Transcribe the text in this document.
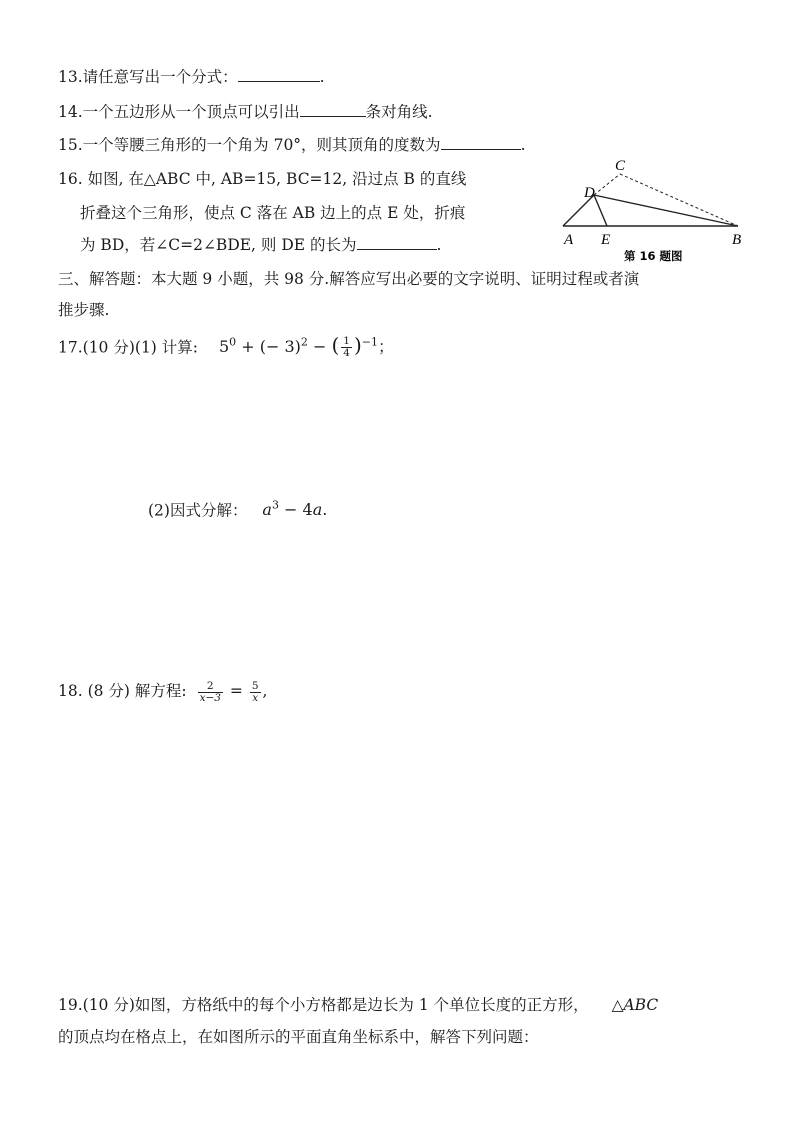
13.请任意写出一个分式：	.
14.一个五边形从一个顶点可以引出	条对角线.
15.一个等腰三角形的一个角为 70°，则其顶角的度数为	.
16. 如图, 在△ABC 中, AB=15, BC=12, 沿过点 B 的直线
折叠这个三角形，使点 C 落在 AB 边上的点 E 处，折痕
为 BD，若∠C=2∠BDE, 则 DE 的长为	.
C
D
A E	B
第 16 题图
三、解答题：本大题 9 小题，共 98 分.解答应写出必要的文字说明、证明过程或者演
推步骤.
17.(10 分)(1) 计算: $5^0$ + (− 3)$^2$ − ( $\frac{1}{4} )^{-1}$；
(2)因式分解： $a^3 - 4a$.
18. (8 分) 解方程: $\frac{2}{x-3} = \frac{5}{x}$ ,
19.(10 分)如图，方格纸中的每个小方格都是边长为 1 个单位长度的正方形， △ABC
的顶点均在格点上，在如图所示的平面直角坐标系中，解答下列问题：
